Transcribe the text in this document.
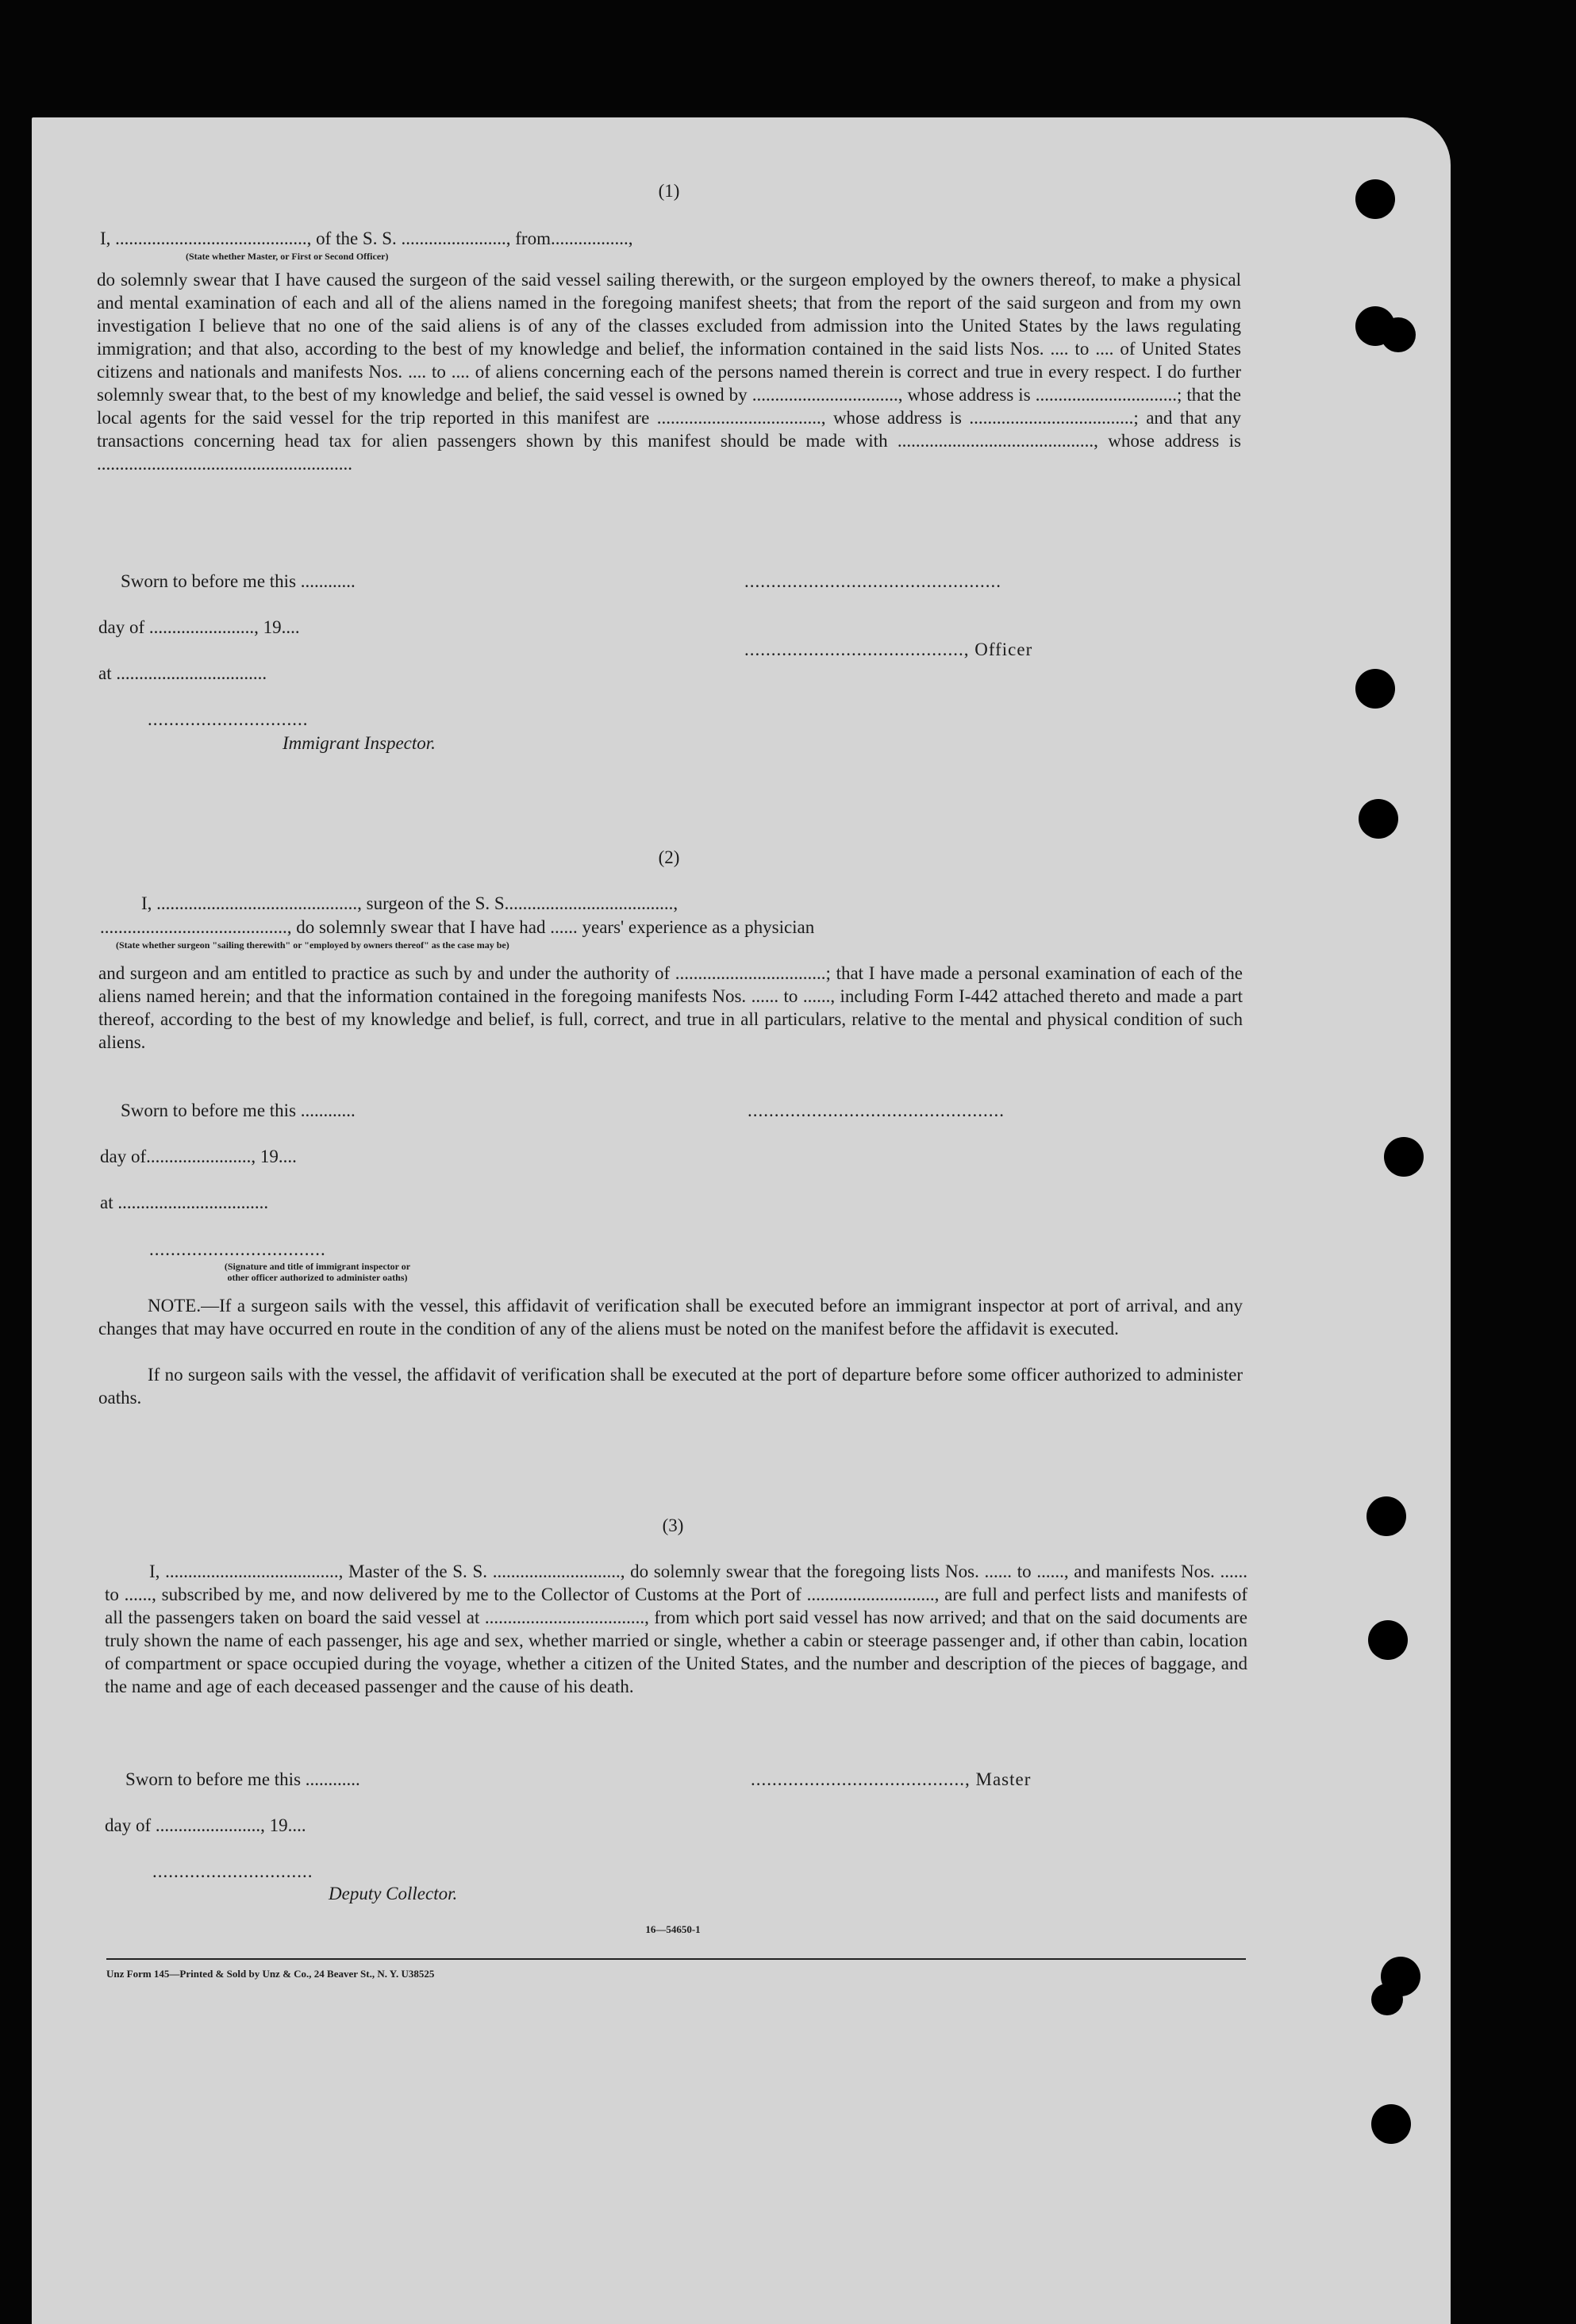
(1)
I, .........................................., of the S. S. ......................., from.................,
(State whether Master, or First or Second Officer)
do solemnly swear that I have caused the surgeon of the said vessel sailing therewith, or the surgeon employed by the owners thereof, to make a physical and mental examination of each and all of the aliens named in the foregoing manifest sheets; that from the report of the said surgeon and from my own investigation I believe that no one of the said aliens is of any of the classes excluded from admission into the United States by the laws regulating immigration; and that also, according to the best of my knowledge and belief, the information contained in the said lists Nos. .... to .... of United States citizens and nationals and manifests Nos. .... to .... of aliens concerning each of the persons named therein is correct and true in every respect. I do further solemnly swear that, to the best of my knowledge and belief, the said vessel is owned by ................................, whose address is ...............................; that the local agents for the said vessel for the trip reported in this manifest are ...................................., whose address is ....................................; and that any transactions concerning head tax for alien passengers shown by this manifest should be made with ..........................................., whose address is ........................................................
Sworn to before me this ............	................................................
day of ......................., 19....
........................................., Officer
at .................................
..............................
Immigrant Inspector.
(2)
I, ............................................, surgeon of the S. S.....................................,
........................................., do solemnly swear that I have had ...... years' experience as a physician
(State whether surgeon "sailing therewith" or "employed by owners thereof" as the case may be)
and surgeon and am entitled to practice as such by and under the authority of .................................; that I have made a personal examination of each of the aliens named herein; and that the information contained in the foregoing manifests Nos. ...... to ......, including Form I-442 attached thereto and made a part thereof, according to the best of my knowledge and belief, is full, correct, and true in all particulars, relative to the mental and physical condition of such aliens.
Sworn to before me this ............	................................................
day of......................., 19....
at .................................
.................................
(Signature and title of immigrant inspector or
other officer authorized to administer oaths)
NOTE.—If a surgeon sails with the vessel, this affidavit of verification shall be executed before an immigrant inspector at port of arrival, and any changes that may have occurred en route in the condition of any of the aliens must be noted on the manifest before the affidavit is executed.
If no surgeon sails with the vessel, the affidavit of verification shall be executed at the port of departure before some officer authorized to administer oaths.
(3)
I, ......................................, Master of the S. S. ............................, do solemnly swear that the foregoing lists Nos. ...... to ......, and manifests Nos. ...... to ......, subscribed by me, and now delivered by me to the Collector of Customs at the Port of ............................, are full and perfect lists and manifests of all the passengers taken on board the said vessel at ..................................., from which port said vessel has now arrived; and that on the said documents are truly shown the name of each passenger, his age and sex, whether married or single, whether a cabin or steerage passenger and, if other than cabin, location of compartment or space occupied during the voyage, whether a citizen of the United States, and the number and description of the pieces of baggage, and the name and age of each deceased passenger and the cause of his death.
Sworn to before me this ............	........................................, Master
day of ......................., 19....
..............................
Deputy Collector.
16—54650-1
Unz Form 145—Printed & Sold by Unz & Co., 24 Beaver St., N. Y. U38525
